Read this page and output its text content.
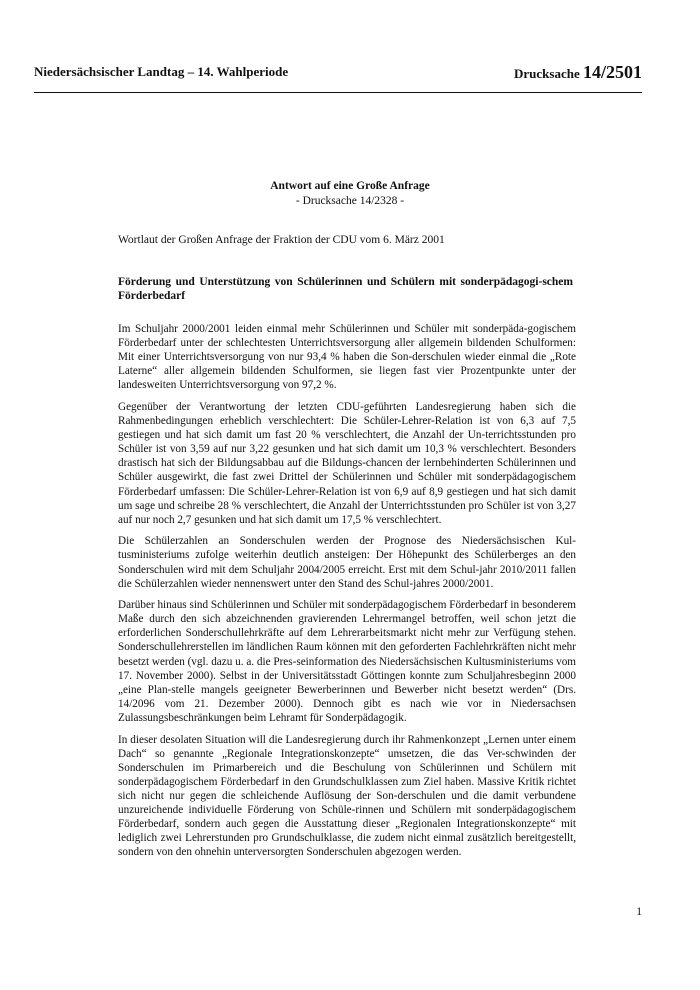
Niedersächsischer Landtag – 14. Wahlperiode	Drucksache 14/2501
Antwort auf eine Große Anfrage
- Drucksache 14/2328 -
Wortlaut der Großen Anfrage der Fraktion der CDU vom 6. März 2001
Förderung und Unterstützung von Schülerinnen und Schülern mit sonderpädagogi-schem Förderbedarf

Im Schuljahr 2000/2001 leiden einmal mehr Schülerinnen und Schüler mit sonderpäda-gogischem Förderbedarf unter der schlechtesten Unterrichtsversorgung aller allgemein bildenden Schulformen: Mit einer Unterrichtsversorgung von nur 93,4 % haben die Son-derschulen wieder einmal die „Rote Laterne“ aller allgemein bildenden Schulformen, sie liegen fast vier Prozentpunkte unter der landesweiten Unterrichtsversorgung von 97,2 %.

Gegenüber der Verantwortung der letzten CDU-geführten Landesregierung haben sich die Rahmenbedingungen erheblich verschlechtert: Die Schüler-Lehrer-Relation ist von 6,3 auf 7,5 gestiegen und hat sich damit um fast 20 % verschlechtert, die Anzahl der Un-terrichtsstunden pro Schüler ist von 3,59 auf nur 3,22 gesunken und hat sich damit um 10,3 % verschlechtert. Besonders drastisch hat sich der Bildungsabbau auf die Bildungs-chancen der lernbehinderten Schülerinnen und Schüler ausgewirkt, die fast zwei Drittel der Schülerinnen und Schüler mit sonderpädagogischem Förderbedarf umfassen: Die Schüler-Lehrer-Relation ist von 6,9 auf 8,9 gestiegen und hat sich damit um sage und schreibe 28 % verschlechtert, die Anzahl der Unterrichtsstunden pro Schüler ist von 3,27 auf nur noch 2,7 gesunken und hat sich damit um 17,5 % verschlechtert.

Die Schülerzahlen an Sonderschulen werden der Prognose des Niedersächsischen Kul-tusministeriums zufolge weiterhin deutlich ansteigen: Der Höhepunkt des Schülerberges an den Sonderschulen wird mit dem Schuljahr 2004/2005 erreicht. Erst mit dem Schul-jahr 2010/2011 fallen die Schülerzahlen wieder nennenswert unter den Stand des Schul-jahres 2000/2001.

Darüber hinaus sind Schülerinnen und Schüler mit sonderpädagogischem Förderbedarf in besonderem Maße durch den sich abzeichnenden gravierenden Lehrermangel betroffen, weil schon jetzt die erforderlichen Sonderschullehrkräfte auf dem Lehrerarbeitsmarkt nicht mehr zur Verfügung stehen. Sonderschullehrerstellen im ländlichen Raum können mit den geforderten Fachlehrkräften nicht mehr besetzt werden (vgl. dazu u. a. die Pres-seinformation des Niedersächsischen Kultusministeriums vom 17. November 2000). Selbst in der Universitätsstadt Göttingen konnte zum Schuljahresbeginn 2000 „eine Plan-stelle mangels geeigneter Bewerberinnen und Bewerber nicht besetzt werden“ (Drs. 14/2096 vom 21. Dezember 2000). Dennoch gibt es nach wie vor in Niedersachsen Zulassungsbeschränkungen beim Lehramt für Sonderpädagogik.

In dieser desolaten Situation will die Landesregierung durch ihr Rahmenkonzept „Lernen unter einem Dach“ so genannte „Regionale Integrationskonzepte“ umsetzen, die das Ver-schwinden der Sonderschulen im Primarbereich und die Beschulung von Schülerinnen und Schülern mit sonderpädagogischem Förderbedarf in den Grundschulklassen zum Ziel haben. Massive Kritik richtet sich nicht nur gegen die schleichende Auflösung der Son-derschulen und die damit verbundene unzureichende individuelle Förderung von Schüle-rinnen und Schülern mit sonderpädagogischem Förderbedarf, sondern auch gegen die Ausstattung dieser „Regionalen Integrationskonzepte“ mit lediglich zwei Lehrerstunden pro Grundschulklasse, die zudem nicht einmal zusätzlich bereitgestellt, sondern von den ohnehin unterversorgten Sonderschulen abgezogen werden.

1
